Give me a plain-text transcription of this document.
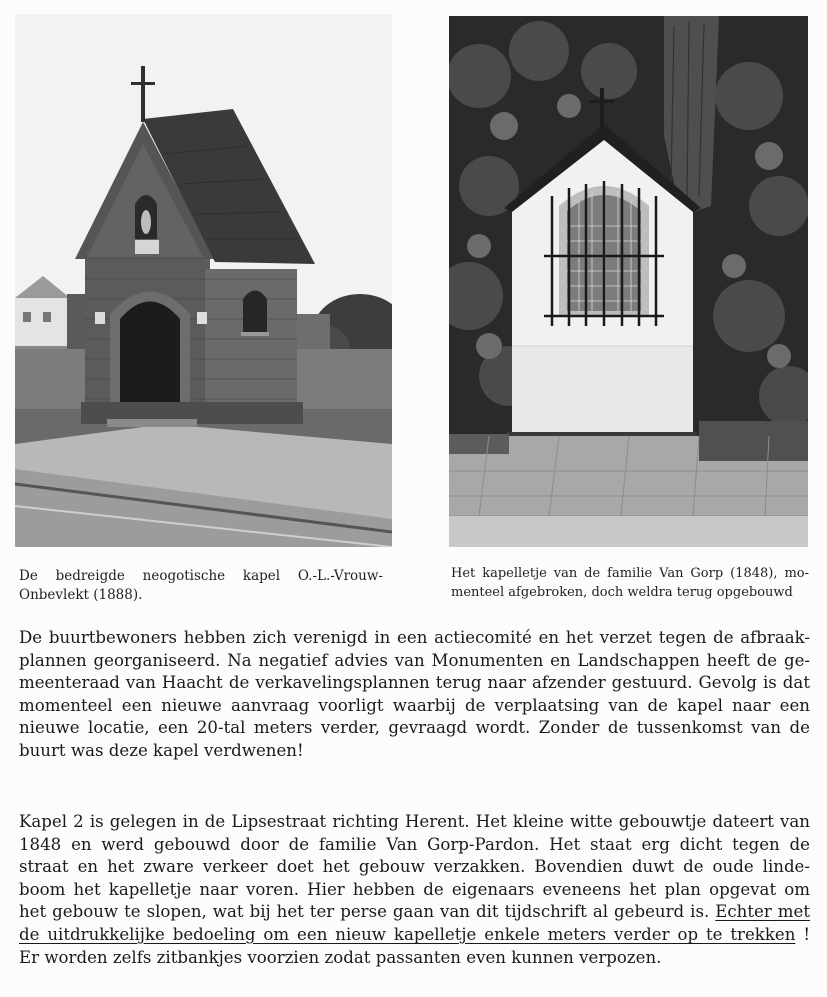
De bedreigde neogotische kapel O.-L.-Vrouw-
Onbevlekt (1888).
Het kapelletje van de familie Van Gorp (1848), mo-
menteel afgebroken, doch weldra terug opgebouwd
De buurtbewoners hebben zich verenigd in een actiecomité en het verzet tegen de afbraak-
plannen georganiseerd. Na negatief advies van Monumenten en Landschappen heeft de ge-
meenteraad van Haacht de verkavelingsplannen terug naar afzender gestuurd. Gevolg is dat
momenteel een nieuwe aanvraag voorligt waarbij de verplaatsing van de kapel naar een
nieuwe locatie, een 20-tal meters verder, gevraagd wordt. Zonder de tussenkomst van de
buurt was deze kapel verdwenen!
Kapel 2 is gelegen in de Lipsestraat richting Herent. Het kleine witte gebouwtje dateert van
1848 en werd gebouwd door de familie Van Gorp-Pardon. Het staat erg dicht tegen de
straat en het zware verkeer doet het gebouw verzakken. Bovendien duwt de oude linde-
boom het kapelletje naar voren. Hier hebben de eigenaars eveneens het plan opgevat om
het gebouw te slopen, wat bij het ter perse gaan van dit tijdschrift al gebeurd is. Echter met
de uitdrukkelijke bedoeling om een nieuw kapelletje enkele meters verder op te trekken !
Er worden zelfs zitbankjes voorzien zodat passanten even kunnen verpozen.
